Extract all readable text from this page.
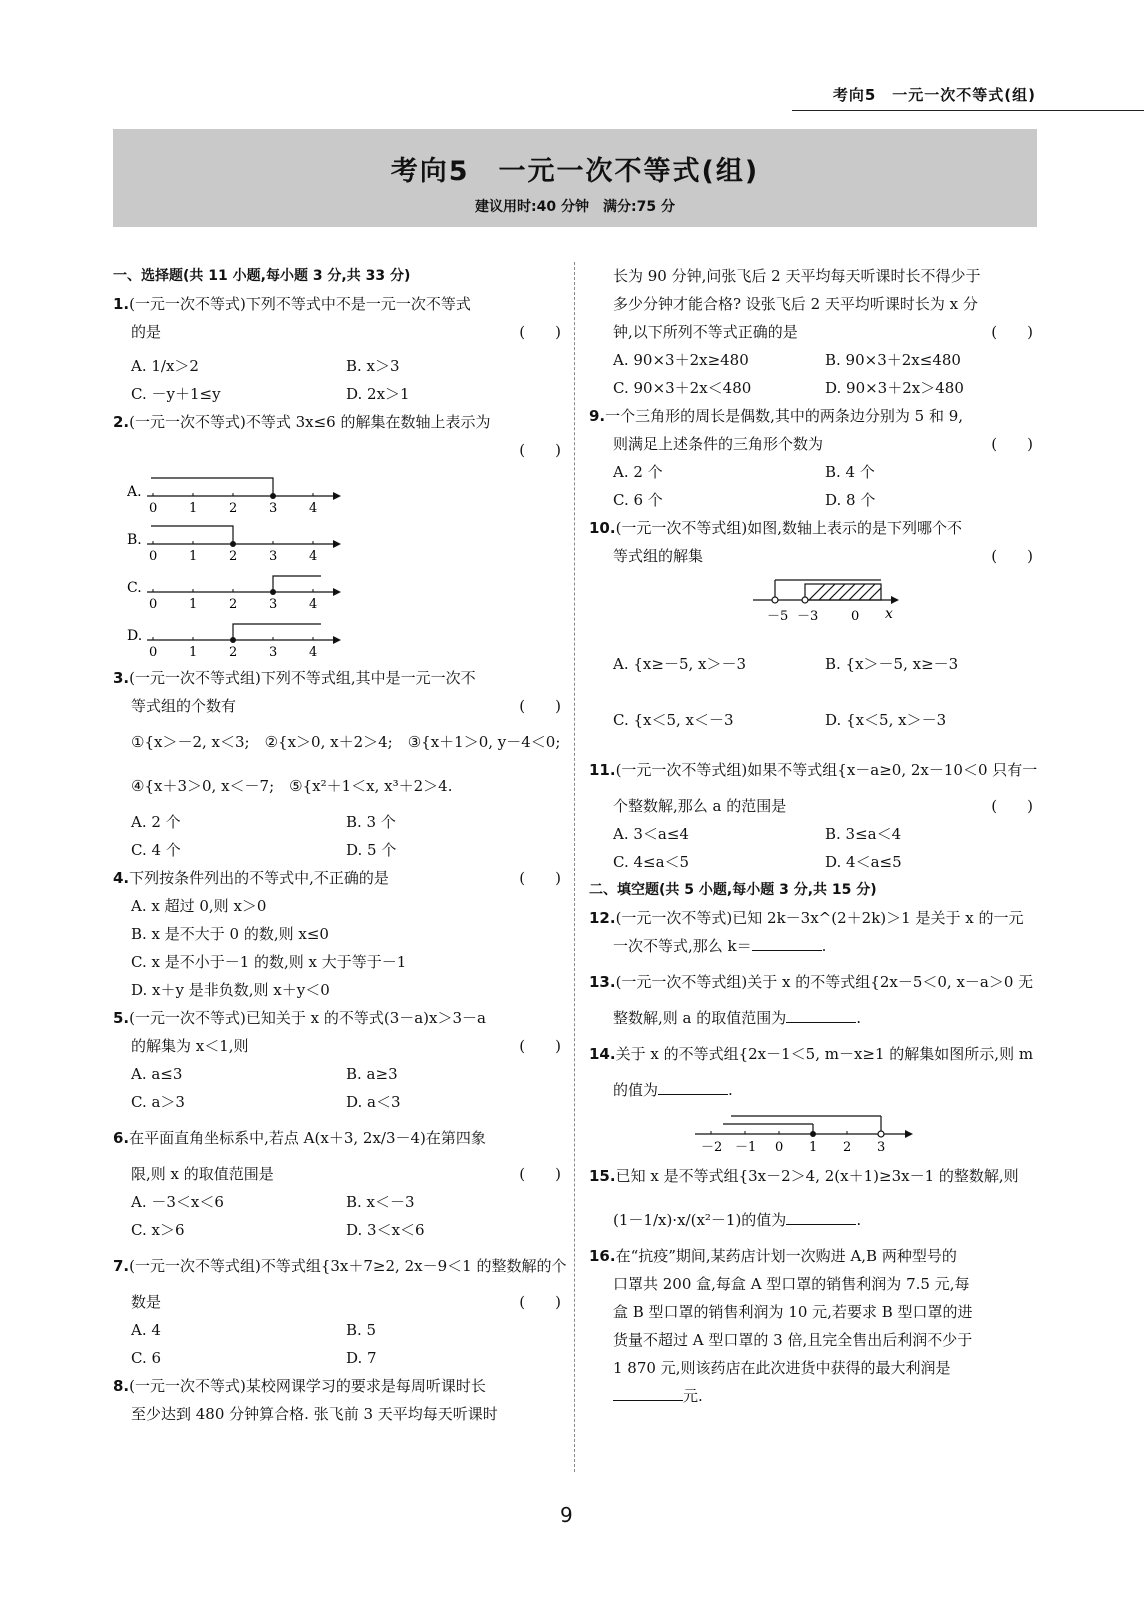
考向5　一元一次不等式(组)
考向5　一元一次不等式(组)
建议用时:40 分钟　满分:75 分
一、选择题(共 11 小题,每小题 3 分,共 33 分)
1.(一元一次不等式)下列不等式中不是一元一次不等式
的是	(　　)
A. 1/x＞2	B. x＞3
C. －y＋1≤y	D. 2x＞1
2.(一元一次不等式)不等式 3x≤6 的解集在数轴上表示为
(　　)
A.
0 1 2 3 4
B.
0 1 2 3 4
C.
0 1 2 3 4
D.
0 1 2 3 4
3.(一元一次不等式组)下列不等式组,其中是一元一次不
等式组的个数有	(　　)
①{x＞－2, x＜3;　②{x＞0, x＋2＞4;　③{x＋1＞0, y－4＜0;
④{x＋3＞0, x＜－7;　⑤{x²＋1＜x, x³＋2＞4.
A. 2 个	B. 3 个
C. 4 个	D. 5 个
4.下列按条件列出的不等式中,不正确的是	(　　)
A. x 超过 0,则 x＞0
B. x 是不大于 0 的数,则 x≤0
C. x 是不小于－1 的数,则 x 大于等于－1
D. x＋y 是非负数,则 x＋y＜0
5.(一元一次不等式)已知关于 x 的不等式(3－a)x＞3－a
的解集为 x＜1,则	(　　)
A. a≤3	B. a≥3
C. a＞3	D. a＜3
6.在平面直角坐标系中,若点 A(x＋3, 2x/3－4)在第四象
限,则 x 的取值范围是	(　　)
A. －3＜x＜6	B. x＜－3
C. x＞6	D. 3＜x＜6
7.(一元一次不等式组)不等式组{3x＋7≥2, 2x－9＜1 的整数解的个
数是	(　　)
A. 4	B. 5
C. 6	D. 7
8.(一元一次不等式)某校网课学习的要求是每周听课时长
至少达到 480 分钟算合格. 张飞前 3 天平均每天听课时
长为 90 分钟,问张飞后 2 天平均每天听课时长不得少于
多少分钟才能合格? 设张飞后 2 天平均听课时长为 x 分
钟,以下所列不等式正确的是	(　　)
A. 90×3＋2x≥480	B. 90×3＋2x≤480
C. 90×3＋2x＜480	D. 90×3＋2x＞480
9.一个三角形的周长是偶数,其中的两条边分别为 5 和 9,
则满足上述条件的三角形个数为	(　　)
A. 2 个	B. 4 个
C. 6 个	D. 8 个
10.(一元一次不等式组)如图,数轴上表示的是下列哪个不
等式组的解集	(　　)
－5 －3	0 x
A. {x≥－5, x＞－3	B. {x＞－5, x≥－3
C. {x＜5, x＜－3	D. {x＜5, x＞－3
11.(一元一次不等式组)如果不等式组{x－a≥0, 2x－10＜0 只有一
个整数解,那么 a 的范围是	(　　)
A. 3＜a≤4	B. 3≤a＜4
C. 4≤a＜5	D. 4＜a≤5
二、填空题(共 5 小题,每小题 3 分,共 15 分)
12.(一元一次不等式)已知 2k－3x^(2＋2k)＞1 是关于 x 的一元
一次不等式,那么 k＝	.
13.(一元一次不等式组)关于 x 的不等式组{2x－5＜0, x－a＞0 无
整数解,则 a 的取值范围为	.
14.关于 x 的不等式组{2x－1＜5, m－x≥1 的解集如图所示,则 m
的值为	.
－2 －1 0 1 2 3
15.已知 x 是不等式组{3x－2＞4, 2(x＋1)≥3x－1 的整数解,则
(1－1/x)·x/(x²－1)的值为	.
16.在“抗疫”期间,某药店计划一次购进 A,B 两种型号的
口罩共 200 盒,每盒 A 型口罩的销售利润为 7.5 元,每
盒 B 型口罩的销售利润为 10 元,若要求 B 型口罩的进
货量不超过 A 型口罩的 3 倍,且完全售出后利润不少于
1 870 元,则该药店在此次进货中获得的最大利润是
元.
9
